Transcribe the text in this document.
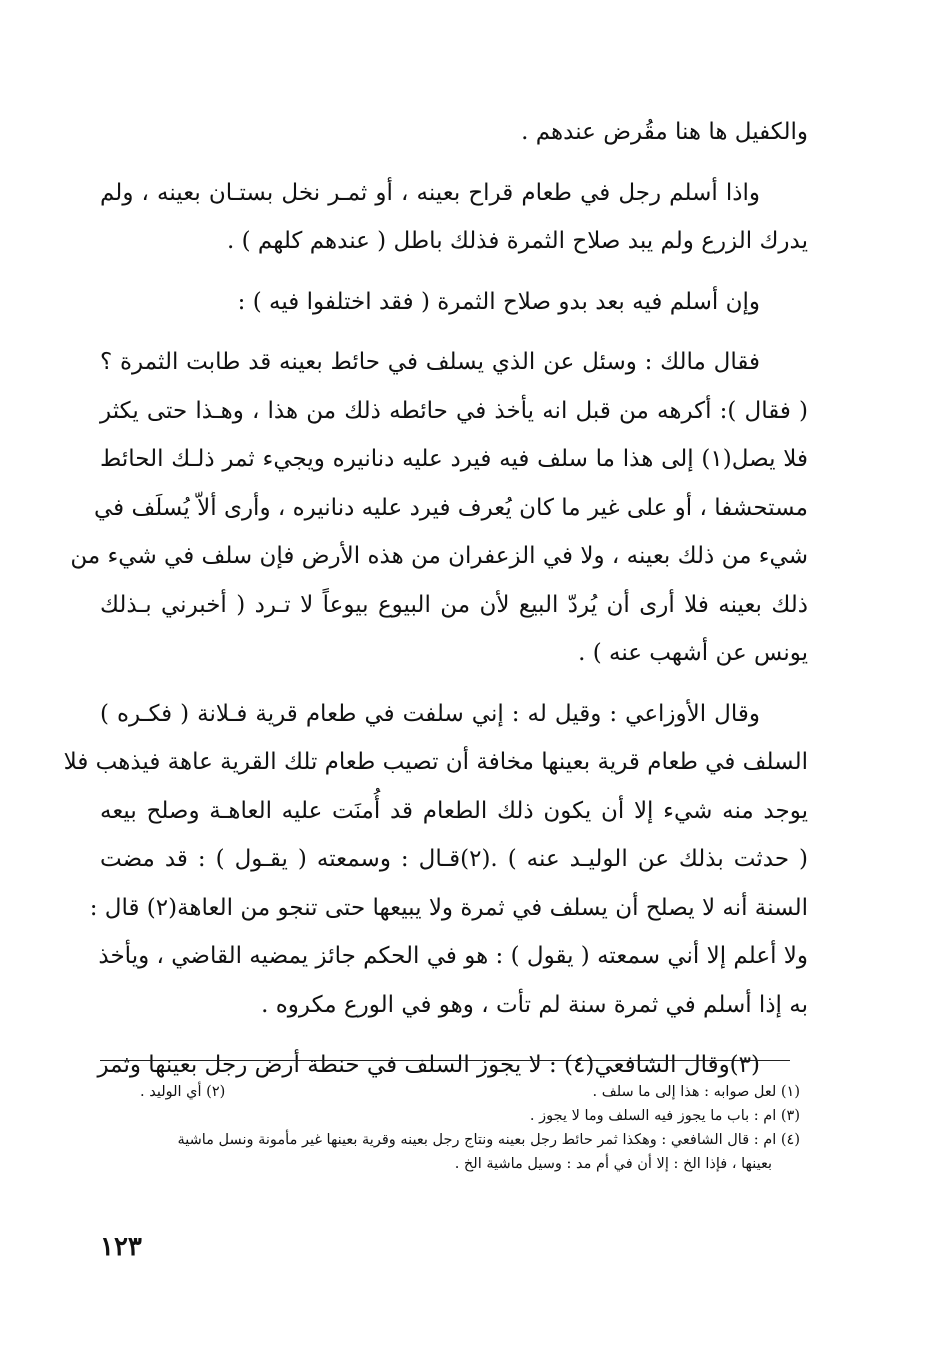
والكفيل ها هنا مقُرض عندهم .
واذا أسلم رجل في طعام قراح بعينه ، أو ثمـر نخل بستـان بعينه ، ولم
يدرك الزرع ولم يبد صلاح الثمرة فذلك باطل ( عندهم كلهم ) .
وإن أسلم فيه بعد بدو صلاح الثمرة ( فقد اختلفوا فيه ) :
فقال مالك : وسئل عن الذي يسلف في حائط بعينه قد طابت الثمرة ؟
( فقال ): أكرهه من قبل انه يأخذ في حائطه ذلك من هذا ، وهـذا حتى يكثر
فلا يصل(١) إلى هذا ما سلف فيه فيرد عليه دنانيره ويجيء ثمر ذلـك الحائط
مستحشفا ، أو على غير ما كان يُعرف فيرد عليه دنانيره ، وأرى ألاّ يُسلَف في
شيء من ذلك بعينه ، ولا في الزعفران من هذه الأرض فإن سلف في شيء من
ذلك بعينه فلا أرى أن يُردّ البيع لأن من البيوع بيوعاً لا تـرد ( أخبرني بـذلك
يونس عن أشهب عنه ) .
وقال الأوزاعي : وقيل له : إني سلفت في طعام قرية فـلانة ( فكـره )
السلف في طعام قرية بعينها مخافة أن تصيب طعام تلك القرية عاهة فيذهب فلا
يوجد منه شيء إلا أن يكون ذلك الطعام قد أُمنَت عليه العاهـة وصلح بيعه
( حدثت بذلك عن الوليـد عنه ) .(٢)قـال : وسمعته ( يقـول ) : قد مضت
السنة أنه لا يصلح أن يسلف في ثمرة ولا يبيعها حتى تنجو من العاهة(٢) قال :
ولا أعلم إلا أني سمعته ( يقول ) : هو في الحكم جائز يمضيه القاضي ، ويأخذ
به إذا أسلم في ثمرة سنة لم تأت ، وهو في الورع مكروه .
(٣)وقال الشافعي(٤) : لا يجوز السلف في حنطة أرض رجل بعينها وثمر
(١) لعل صوابه : هذا إلى ما سلف .
(٢) أي الوليد .
(٣) ام : باب ما يجوز فيه السلف وما لا يجوز .
(٤) ام : قال الشافعي : وهكذا ثمر حائط رجل بعينه ونتاج رجل بعينه وقرية بعينها غير مأمونة ونسل ماشية
بعينها ، فإذا الخ : إلا أن في أم مد : وسيل ماشية الخ .
١٢٣
